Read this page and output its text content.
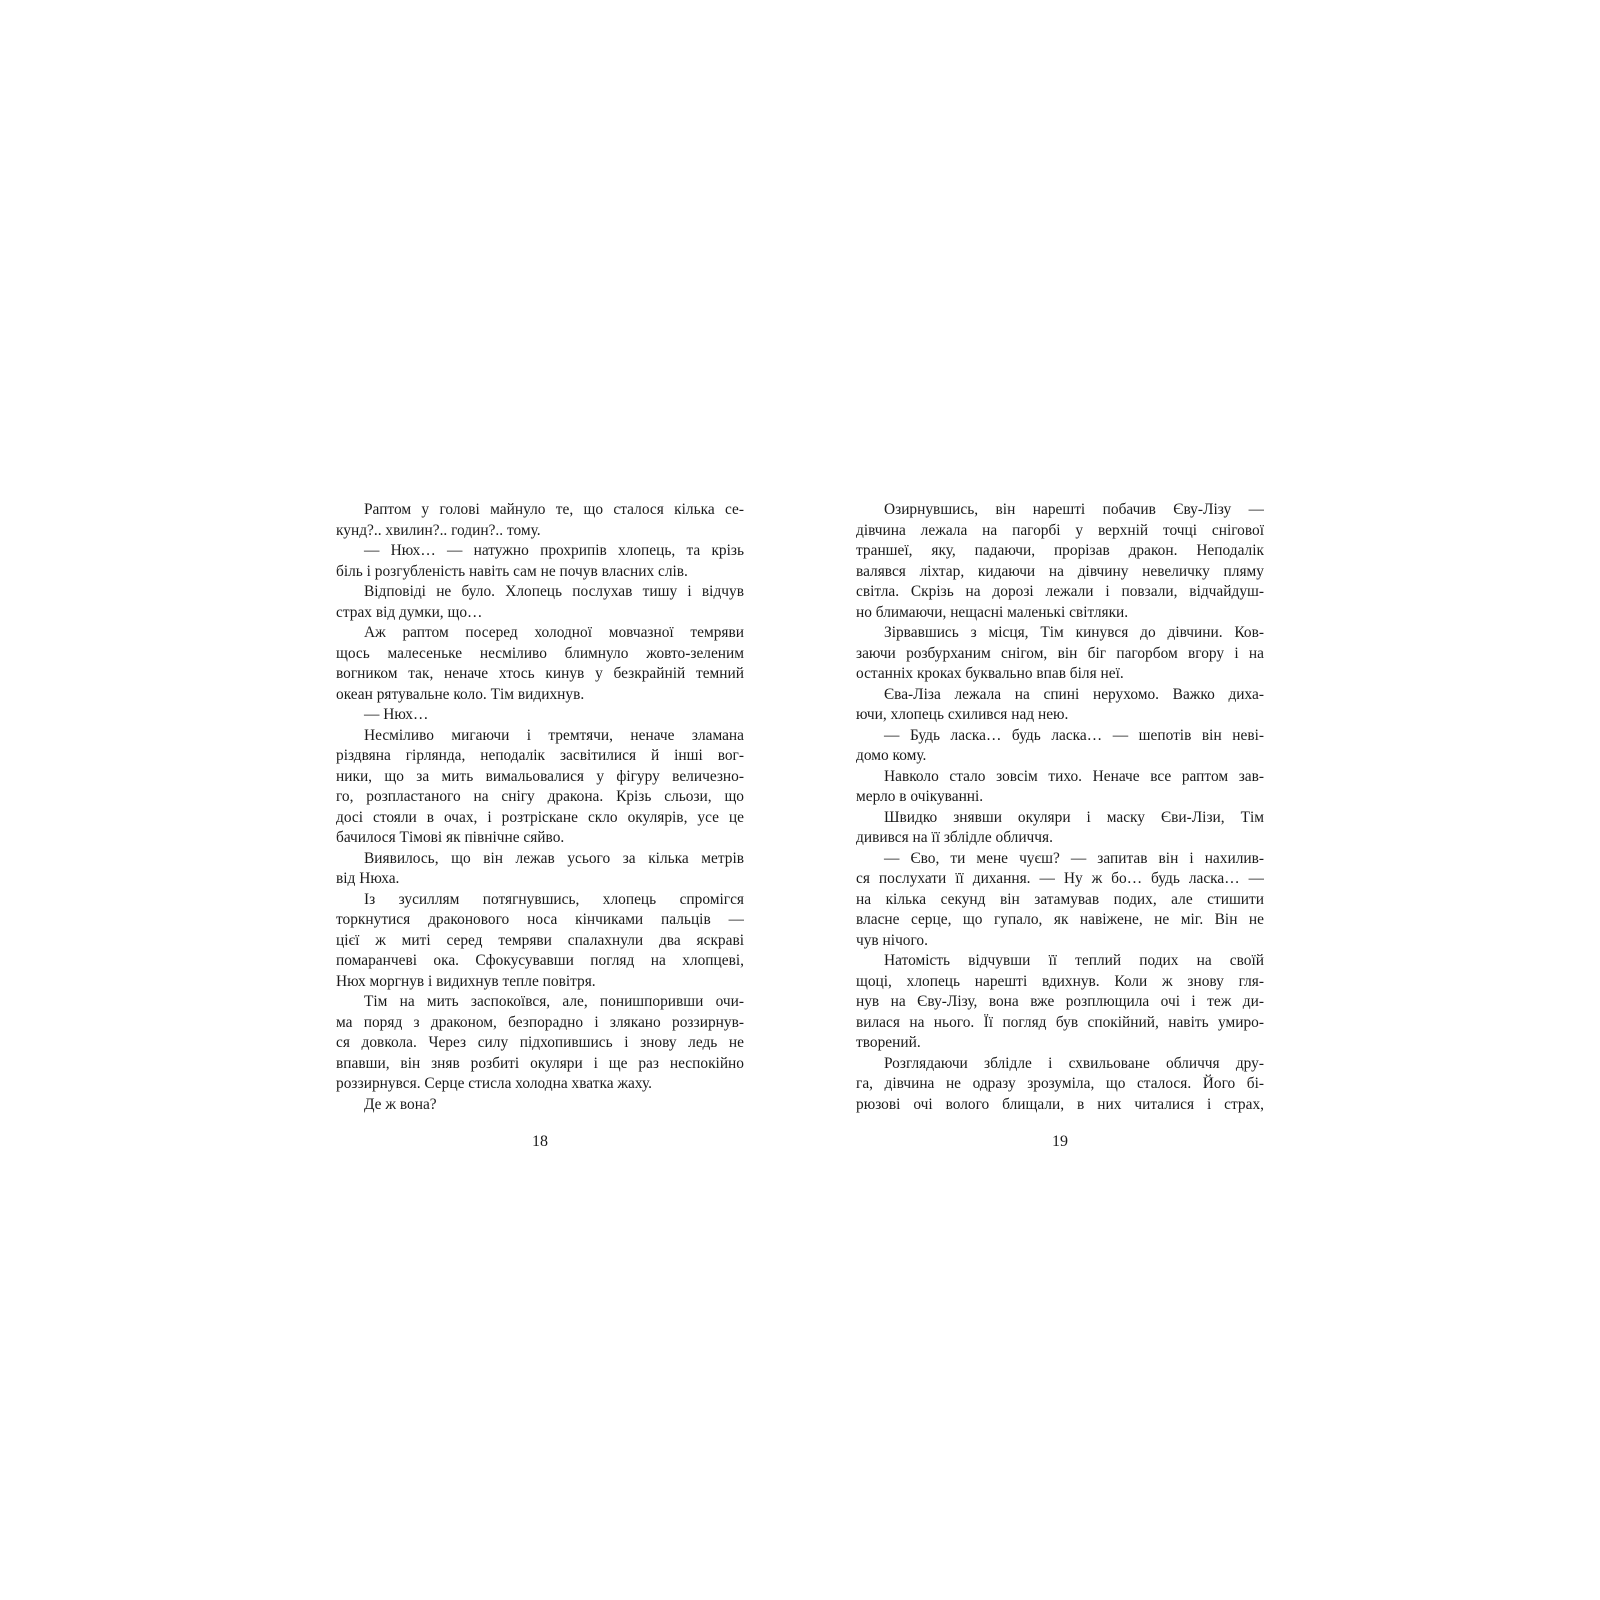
Раптом у голові майнуло те, що сталося кілька се-
кунд?.. хвилин?.. годин?.. тому.
— Нюх… — натужно прохрипів хлопець, та крізь
біль і розгубленість навіть сам не почув власних слів.
Відповіді не було. Хлопець послухав тишу і відчув
страх від думки, що…
Аж раптом посеред холодної мовчазної темряви
щось малесеньке несміливо блимнуло жовто-зеленим
вогником так, неначе хтось кинув у безкрайній темний
океан рятувальне коло. Тім видихнув.
— Нюх…
Несміливо мигаючи і тремтячи, неначе зламана
різдвяна гірлянда, неподалік засвітилися й інші вог-
ники, що за мить вимальовалися у фігуру величезно-
го, розпластаного на снігу дракона. Крізь сльози, що
досі стояли в очах, і розтріскане скло окулярів, усе це
бачилося Тімові як північне сяйво.
Виявилось, що він лежав усього за кілька метрів
від Нюха.
Із зусиллям потягнувшись, хлопець спромігся
торкнутися драконового носа кінчиками пальців —
цієї ж миті серед темряви спалахнули два яскраві
помаранчеві ока. Сфокусувавши погляд на хлопцеві,
Нюх моргнув і видихнув тепле повітря.
Тім на мить заспокоївся, але, понишпоривши очи-
ма поряд з драконом, безпорадно і злякано роззирнув-
ся довкола. Через силу підхопившись і знову ледь не
впавши, він зняв розбиті окуляри і ще раз неспокійно
роззирнувся. Серце стисла холодна хватка жаху.
Де ж вона?
18
Озирнувшись, він нарешті побачив Єву-Лізу —
дівчина лежала на пагорбі у верхній точці снігової
траншеї, яку, падаючи, прорізав дракон. Неподалік
валявся ліхтар, кидаючи на дівчину невеличку пляму
світла. Скрізь на дорозі лежали і повзали, відчайдуш-
но блимаючи, нещасні маленькі світляки.
Зірвавшись з місця, Тім кинувся до дівчини. Ков-
заючи розбурханим снігом, він біг пагорбом вгору і на
останніх кроках буквально впав біля неї.
Єва-Ліза лежала на спині нерухомо. Важко диха-
ючи, хлопець схилився над нею.
— Будь ласка… будь ласка… — шепотів він неві-
домо кому.
Навколо стало зовсім тихо. Неначе все раптом зав-
мерло в очікуванні.
Швидко знявши окуляри і маску Єви-Лізи, Тім
дивився на її зблідле обличчя.
— Єво, ти мене чуєш? — запитав він і нахилив-
ся послухати її дихання. — Ну ж бо… будь ласка… —
на кілька секунд він затамував подих, але стишити
власне серце, що гупало, як навіжене, не міг. Він не
чув нічого.
Натомість відчувши її теплий подих на своїй
щоці, хлопець нарешті вдихнув. Коли ж знову гля-
нув на Єву-Лізу, вона вже розплющила очі і теж ди-
вилася на нього. Її погляд був спокійний, навіть умиро-
творений.
Розглядаючи зблідле і схвильоване обличчя дру-
га, дівчина не одразу зрозуміла, що сталося. Його бі-
рюзові очі волого блищали, в них читалися і страх,
19
